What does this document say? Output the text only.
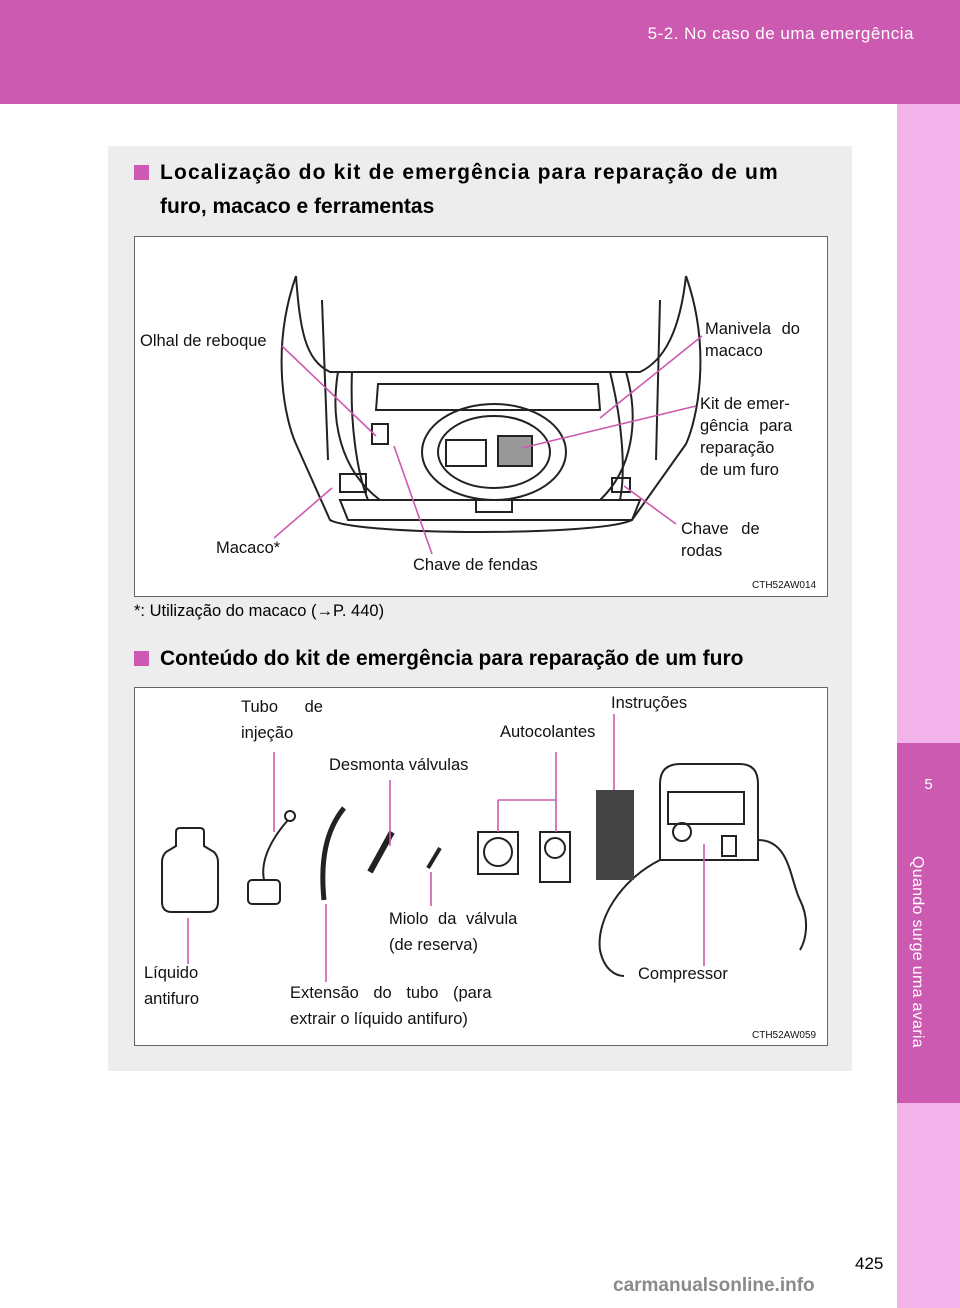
5-2. No caso de uma emergência
5
Quando surge uma avaria
Localização do kit de emergência para reparação de um
furo, macaco e ferramentas
Olhal de reboque
Manivela do
macaco
Kit de emer-
gência para
reparação
de um furo
Chave de
rodas
Macaco*
Chave de fendas
CTH52AW014
*: Utilização do macaco (→P. 440)
Conteúdo do kit de emergência para reparação de um furo
Tubo de
injeção
Instruções
Autocolantes
Desmonta válvulas
Miolo da válvula
(de reserva)
Líquido
antifuro	Extensão do tubo (para
extrair o líquido antifuro)
Compressor
CTH52AW059
425
carmanualsonline.info
